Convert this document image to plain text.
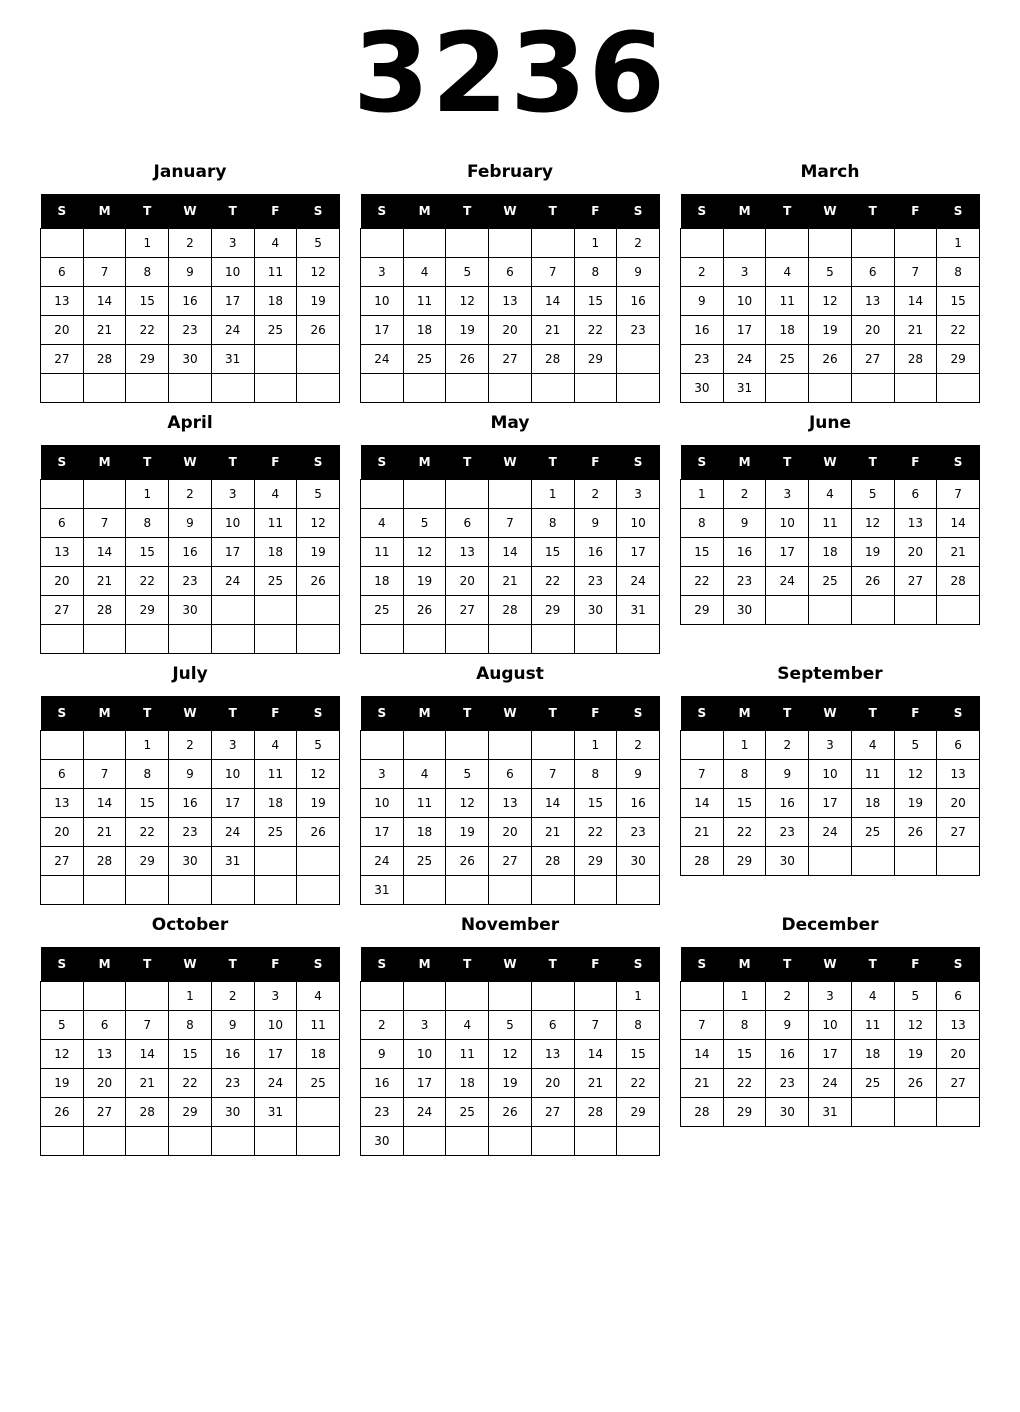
3236
January
S	M	T	W	T	F	S
		1	2	3	4	5
6	7	8	9	10	11	12
13	14	15	16	17	18	19
20	21	22	23	24	25	26
27	28	29	30	31		

February
S	M	T	W	T	F	S
					1	2
3	4	5	6	7	8	9
10	11	12	13	14	15	16
17	18	19	20	21	22	23
24	25	26	27	28	29	

March
S	M	T	W	T	F	S
						1
2	3	4	5	6	7	8
9	10	11	12	13	14	15
16	17	18	19	20	21	22
23	24	25	26	27	28	29
30	31					
April
S	M	T	W	T	F	S
		1	2	3	4	5
6	7	8	9	10	11	12
13	14	15	16	17	18	19
20	21	22	23	24	25	26
27	28	29	30			

May
S	M	T	W	T	F	S
				1	2	3
4	5	6	7	8	9	10
11	12	13	14	15	16	17
18	19	20	21	22	23	24
25	26	27	28	29	30	31

June
S	M	T	W	T	F	S
1	2	3	4	5	6	7
8	9	10	11	12	13	14
15	16	17	18	19	20	21
22	23	24	25	26	27	28
29	30					
July
S	M	T	W	T	F	S
		1	2	3	4	5
6	7	8	9	10	11	12
13	14	15	16	17	18	19
20	21	22	23	24	25	26
27	28	29	30	31		

August
S	M	T	W	T	F	S
					1	2
3	4	5	6	7	8	9
10	11	12	13	14	15	16
17	18	19	20	21	22	23
24	25	26	27	28	29	30
31						
September
S	M	T	W	T	F	S
	1	2	3	4	5	6
7	8	9	10	11	12	13
14	15	16	17	18	19	20
21	22	23	24	25	26	27
28	29	30				
October
S	M	T	W	T	F	S
			1	2	3	4
5	6	7	8	9	10	11
12	13	14	15	16	17	18
19	20	21	22	23	24	25
26	27	28	29	30	31	

November
S	M	T	W	T	F	S
						1
2	3	4	5	6	7	8
9	10	11	12	13	14	15
16	17	18	19	20	21	22
23	24	25	26	27	28	29
30						
December
S	M	T	W	T	F	S
	1	2	3	4	5	6
7	8	9	10	11	12	13
14	15	16	17	18	19	20
21	22	23	24	25	26	27
28	29	30	31			
